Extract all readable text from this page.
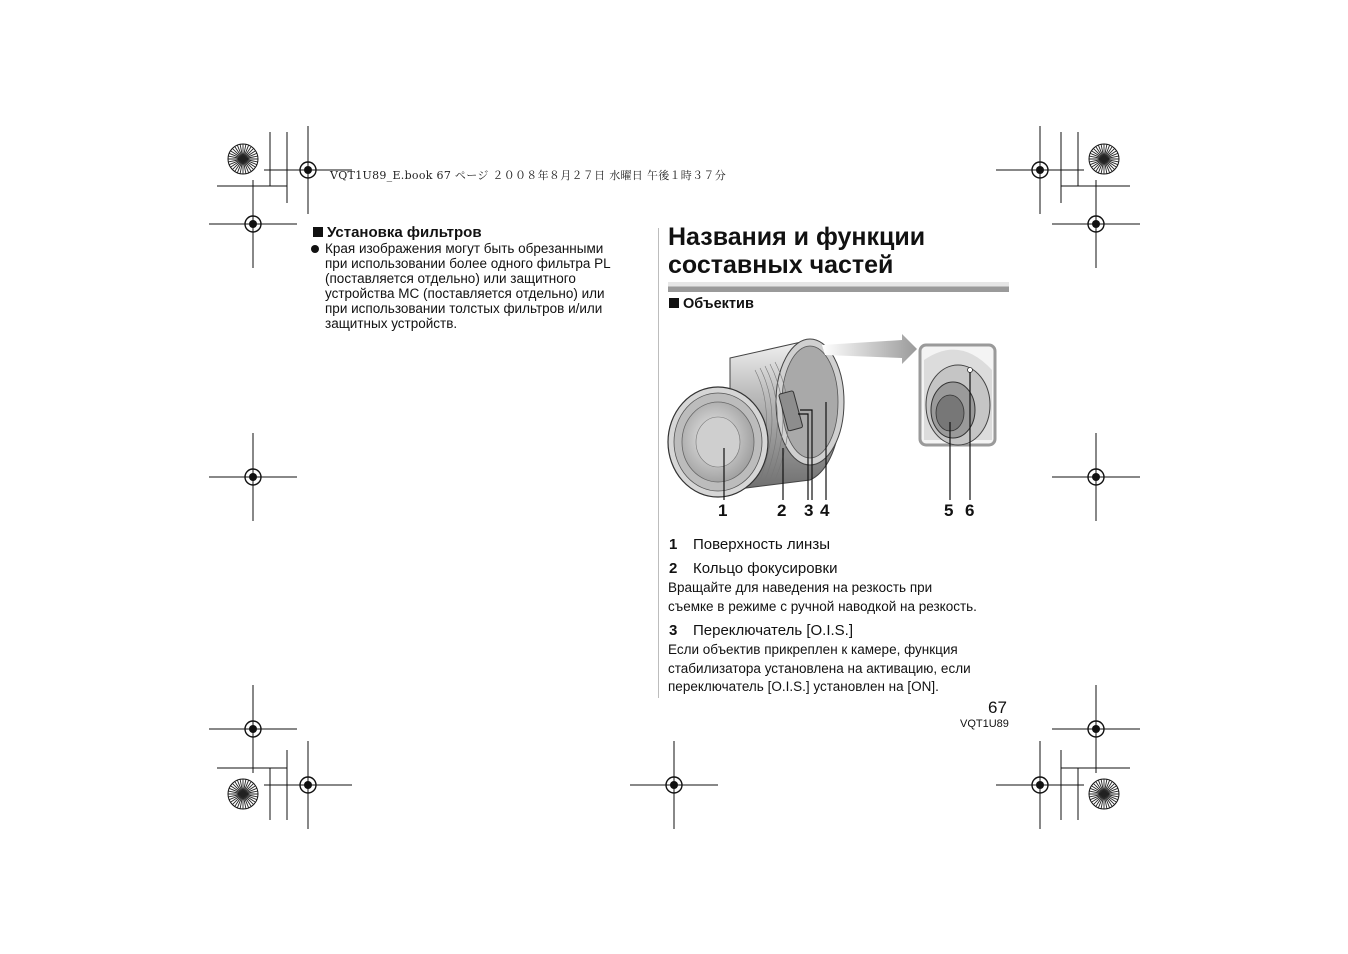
VQT1U89_E.book 67 ページ ２００８年８月２７日 水曜日 午後１時３７分
Установка фильтров
Края изображения могут быть обрезанными
при использовании более одного фильтра PL
(поставляется отдельно) или защитного
устройства MC (поставляется отдельно) или
при использовании толстых фильтров и/или
защитных устройств.
Названия и функции
составных частей
Объектив
1	2 3 4	5 6
1 Поверхность линзы
2 Кольцо фокусировки
Вращайте для наведения на резкость при
съемке в режиме с ручной наводкой на резкость.
3 Переключатель [O.I.S.]
Если объектив прикреплен к камере, функция
стабилизатора установлена на активацию, если
переключатель [O.I.S.] установлен на [ON].
67
VQT1U89
